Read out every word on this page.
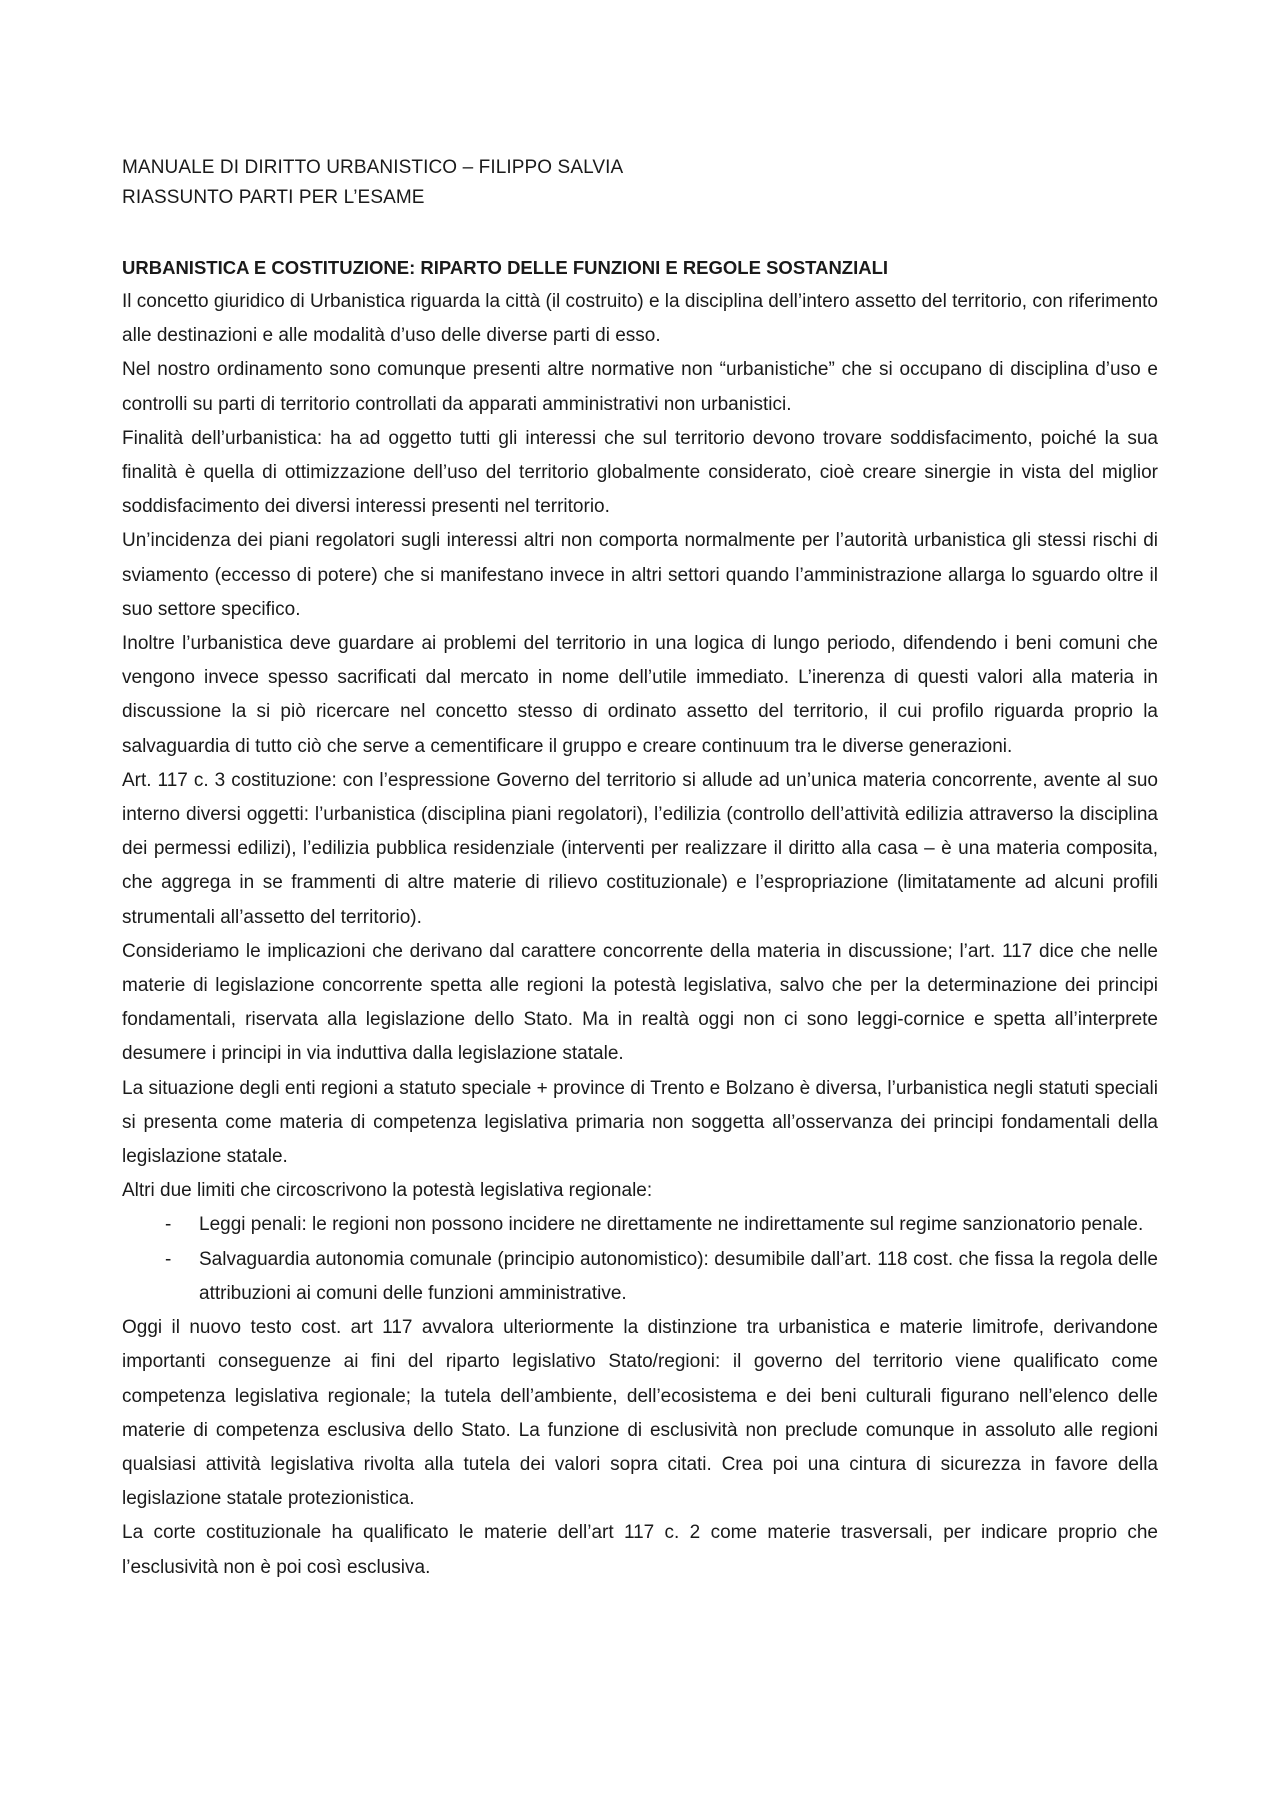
MANUALE DI DIRITTO URBANISTICO – FILIPPO SALVIA

RIASSUNTO PARTI PER L’ESAME

URBANISTICA E COSTITUZIONE: RIPARTO DELLE FUNZIONI E REGOLE SOSTANZIALI

Il concetto giuridico di Urbanistica riguarda la città (il costruito) e la disciplina dell’intero assetto del territorio, con riferimento alle destinazioni e alle modalità d’uso delle diverse parti di esso.

Nel nostro ordinamento sono comunque presenti altre normative non “urbanistiche” che si occupano di disciplina d’uso e controlli su parti di territorio controllati da apparati amministrativi non urbanistici.

Finalità dell’urbanistica: ha ad oggetto tutti gli interessi che sul territorio devono trovare soddisfacimento, poiché la sua finalità è quella di ottimizzazione dell’uso del territorio globalmente considerato, cioè creare sinergie in vista del miglior soddisfacimento dei diversi interessi presenti nel territorio.

Un’incidenza dei piani regolatori sugli interessi altri non comporta normalmente per l’autorità urbanistica gli stessi rischi di sviamento (eccesso di potere) che si manifestano invece in altri settori quando l’amministrazione allarga lo sguardo oltre il suo settore specifico.

Inoltre l’urbanistica deve guardare ai problemi del territorio in una logica di lungo periodo, difendendo i beni comuni che vengono invece spesso sacrificati dal mercato in nome dell’utile immediato. L’inerenza di questi valori alla materia in discussione la si piò ricercare nel concetto stesso di ordinato assetto del territorio, il cui profilo riguarda proprio la salvaguardia di tutto ciò che serve a cementificare il gruppo e creare continuum tra le diverse generazioni.

Art. 117 c. 3 costituzione: con l’espressione Governo del territorio si allude ad un’unica materia concorrente, avente al suo interno diversi oggetti: l’urbanistica (disciplina piani regolatori), l’edilizia (controllo dell’attività edilizia attraverso la disciplina dei permessi edilizi), l’edilizia pubblica residenziale (interventi per realizzare il diritto alla casa – è una materia composita, che aggrega in se frammenti di altre materie di rilievo costituzionale) e l’espropriazione (limitatamente ad alcuni profili strumentali all’assetto del territorio).

Consideriamo le implicazioni che derivano dal carattere concorrente della materia in discussione; l’art. 117 dice che nelle materie di legislazione concorrente spetta alle regioni la potestà legislativa, salvo che per la determinazione dei principi fondamentali, riservata alla legislazione dello Stato. Ma in realtà oggi non ci sono leggi-cornice e spetta all’interprete desumere i principi in via induttiva dalla legislazione statale.

La situazione degli enti regioni a statuto speciale + province di Trento e Bolzano è diversa, l’urbanistica negli statuti speciali si presenta come materia di competenza legislativa primaria non soggetta all’osservanza dei principi fondamentali della legislazione statale.

Altri due limiti che circoscrivono la potestà legislativa regionale:

- Leggi penali: le regioni non possono incidere ne direttamente ne indirettamente sul regime sanzionatorio penale.
- Salvaguardia autonomia comunale (principio autonomistico): desumibile dall’art. 118 cost. che fissa la regola delle attribuzioni ai comuni delle funzioni amministrative.

Oggi il nuovo testo cost. art 117 avvalora ulteriormente la distinzione tra urbanistica e materie limitrofe, derivandone importanti conseguenze ai fini del riparto legislativo Stato/regioni: il governo del territorio viene qualificato come competenza legislativa regionale; la tutela dell’ambiente, dell’ecosistema e dei beni culturali figurano nell’elenco delle materie di competenza esclusiva dello Stato. La funzione di esclusività non preclude comunque in assoluto alle regioni qualsiasi attività legislativa rivolta alla tutela dei valori sopra citati. Crea poi una cintura di sicurezza in favore della legislazione statale protezionistica.

La corte costituzionale ha qualificato le materie dell’art 117 c. 2 come materie trasversali, per indicare proprio che l’esclusività non è poi così esclusiva.
